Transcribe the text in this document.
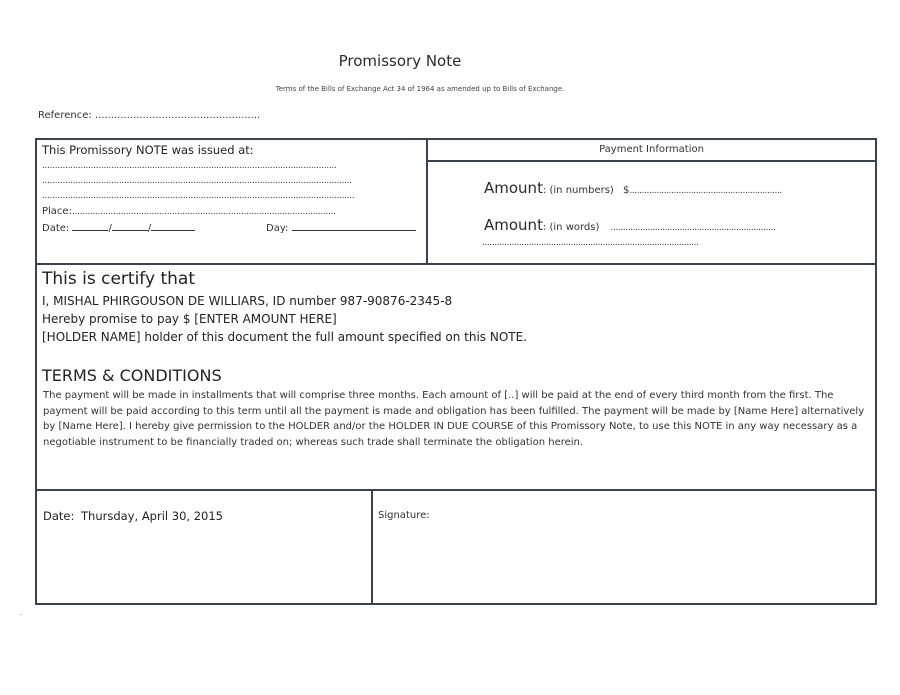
Promissory Note
Terms of the Bills of Exchange Act 34 of 1964 as amended up to Bills of Exchange.
Reference: ....................................................
This Promissory NOTE was issued at:
...................................................................................................................
.........................................................................................................................
..........................................................................................................................
Place:.......................................................................................................
Date:	/	/	Day:
Payment Information
Amount: (in numbers) $..............................................................
Amount: (in words) ...................................................................
........................................................................................
This is certify that
I, MISHAL PHIRGOUSON DE WILLIARS, ID number 987-90876-2345-8
Hereby promise to pay $ [ENTER AMOUNT HERE]
[HOLDER NAME] holder of this document the full amount specified on this NOTE.
TERMS & CONDITIONS
The payment will be made in installments that will comprise three months. Each amount of [..] will be paid at the end of every third month from the first. The payment will be paid according to this term until all the payment is made and obligation has been fulfilled. The payment will be made by [Name Here] alternatively by [Name Here]. I hereby give permission to the HOLDER and/or the HOLDER IN DUE COURSE of this Promissory Note, to use this NOTE in any way necessary as a negotiable instrument to be financially traded on; whereas such trade shall terminate the obligation herein.
Date: Thursday, April 30, 2015	Signature:
.
